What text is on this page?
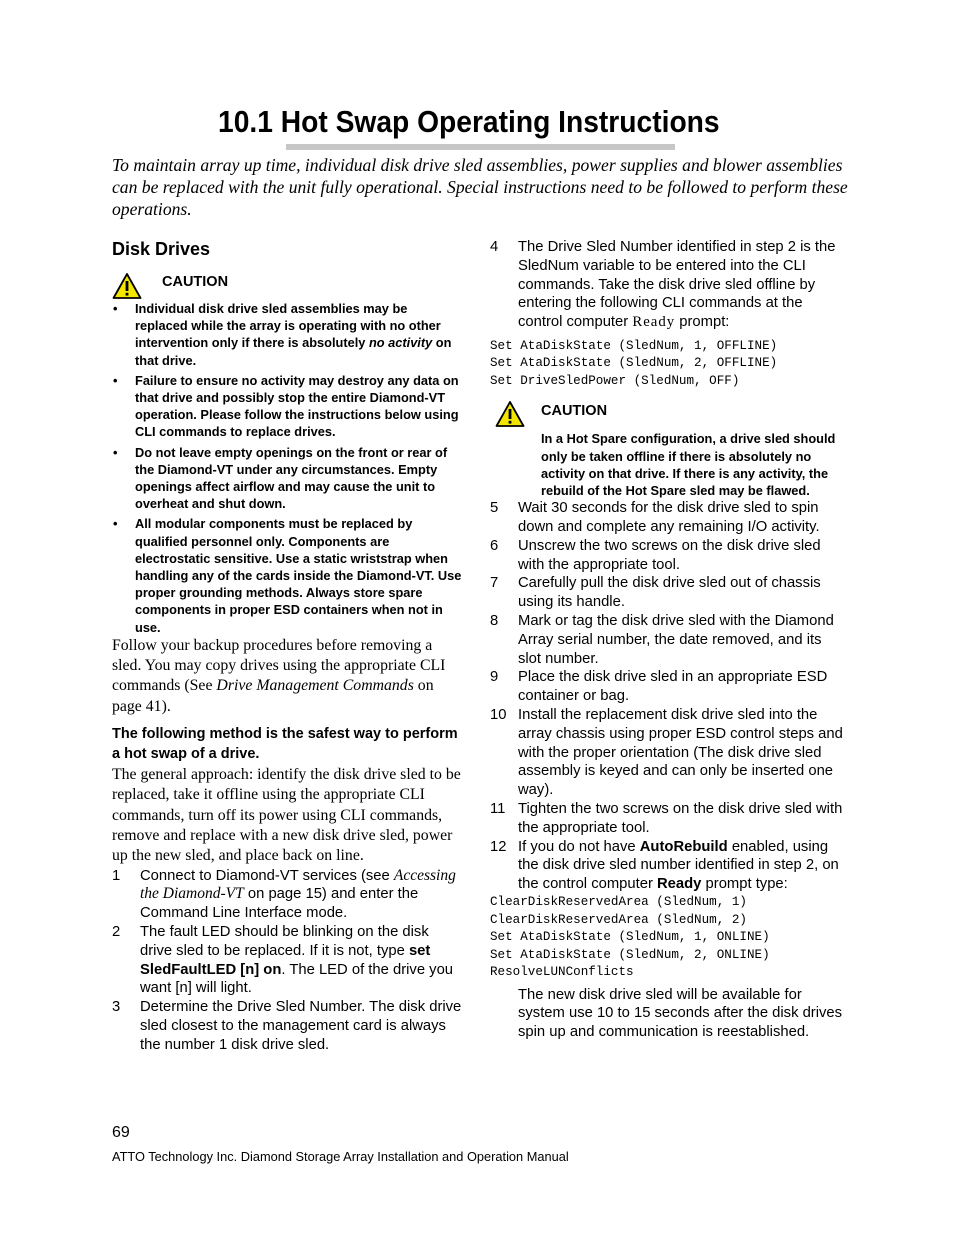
10.1 Hot Swap Operating Instructions

To maintain array up time, individual disk drive sled assemblies, power supplies and blower assemblies can be replaced with the unit fully operational. Special instructions need to be followed to perform these operations.

Disk Drives

CAUTION

• Individual disk drive sled assemblies may be replaced while the array is operating with no other intervention only if there is absolutely no activity on that drive.
• Failure to ensure no activity may destroy any data on that drive and possibly stop the entire Diamond-VT operation. Please follow the instructions below using CLI commands to replace drives.
• Do not leave empty openings on the front or rear of the Diamond-VT under any circumstances. Empty openings affect airflow and may cause the unit to overheat and shut down.
• All modular components must be replaced by qualified personnel only. Components are electrostatic sensitive. Use a static wriststrap when handling any of the cards inside the Diamond-VT. Use proper grounding methods. Always store spare components in proper ESD containers when not in use.

Follow your backup procedures before removing a sled. You may copy drives using the appropriate CLI commands (See Drive Management Commands on page 41).

The following method is the safest way to perform a hot swap of a drive.

The general approach: identify the disk drive sled to be replaced, take it offline using the appropriate CLI commands, turn off its power using CLI commands, remove and replace with a new disk drive sled, power up the new sled, and place back on line.

1 Connect to Diamond-VT services (see Accessing the Diamond-VT on page 15) and enter the Command Line Interface mode.
2 The fault LED should be blinking on the disk drive sled to be replaced. If it is not, type set SledFaultLED [n] on. The LED of the drive you want [n] will light.
3 Determine the Drive Sled Number. The disk drive sled closest to the management card is always the number 1 disk drive sled.
4 The Drive Sled Number identified in step 2 is the SledNum variable to be entered into the CLI commands. Take the disk drive sled offline by entering the following CLI commands at the control computer Ready prompt:
Set AtaDiskState (SledNum, 1, OFFLINE)
Set AtaDiskState (SledNum, 2, OFFLINE)
Set DriveSledPower (SledNum, OFF)

CAUTION

In a Hot Spare configuration, a drive sled should only be taken offline if there is absolutely no activity on that drive. If there is any activity, the rebuild of the Hot Spare sled may be flawed.

5 Wait 30 seconds for the disk drive sled to spin down and complete any remaining I/O activity.
6 Unscrew the two screws on the disk drive sled with the appropriate tool.
7 Carefully pull the disk drive sled out of chassis using its handle.
8 Mark or tag the disk drive sled with the Diamond Array serial number, the date removed, and its slot number.
9 Place the disk drive sled in an appropriate ESD container or bag.
10 Install the replacement disk drive sled into the array chassis using proper ESD control steps and with the proper orientation (The disk drive sled assembly is keyed and can only be inserted one way).
11 Tighten the two screws on the disk drive sled with the appropriate tool.
12 If you do not have AutoRebuild enabled, using the disk drive sled number identified in step 2, on the control computer Ready prompt type:
ClearDiskReservedArea (SledNum, 1)
ClearDiskReservedArea (SledNum, 2)
Set AtaDiskState (SledNum, 1, ONLINE)
Set AtaDiskState (SledNum, 2, ONLINE)
ResolveLUNConflicts

The new disk drive sled will be available for system use 10 to 15 seconds after the disk drives spin up and communication is reestablished.

69
ATTO Technology Inc. Diamond Storage Array Installation and Operation Manual
